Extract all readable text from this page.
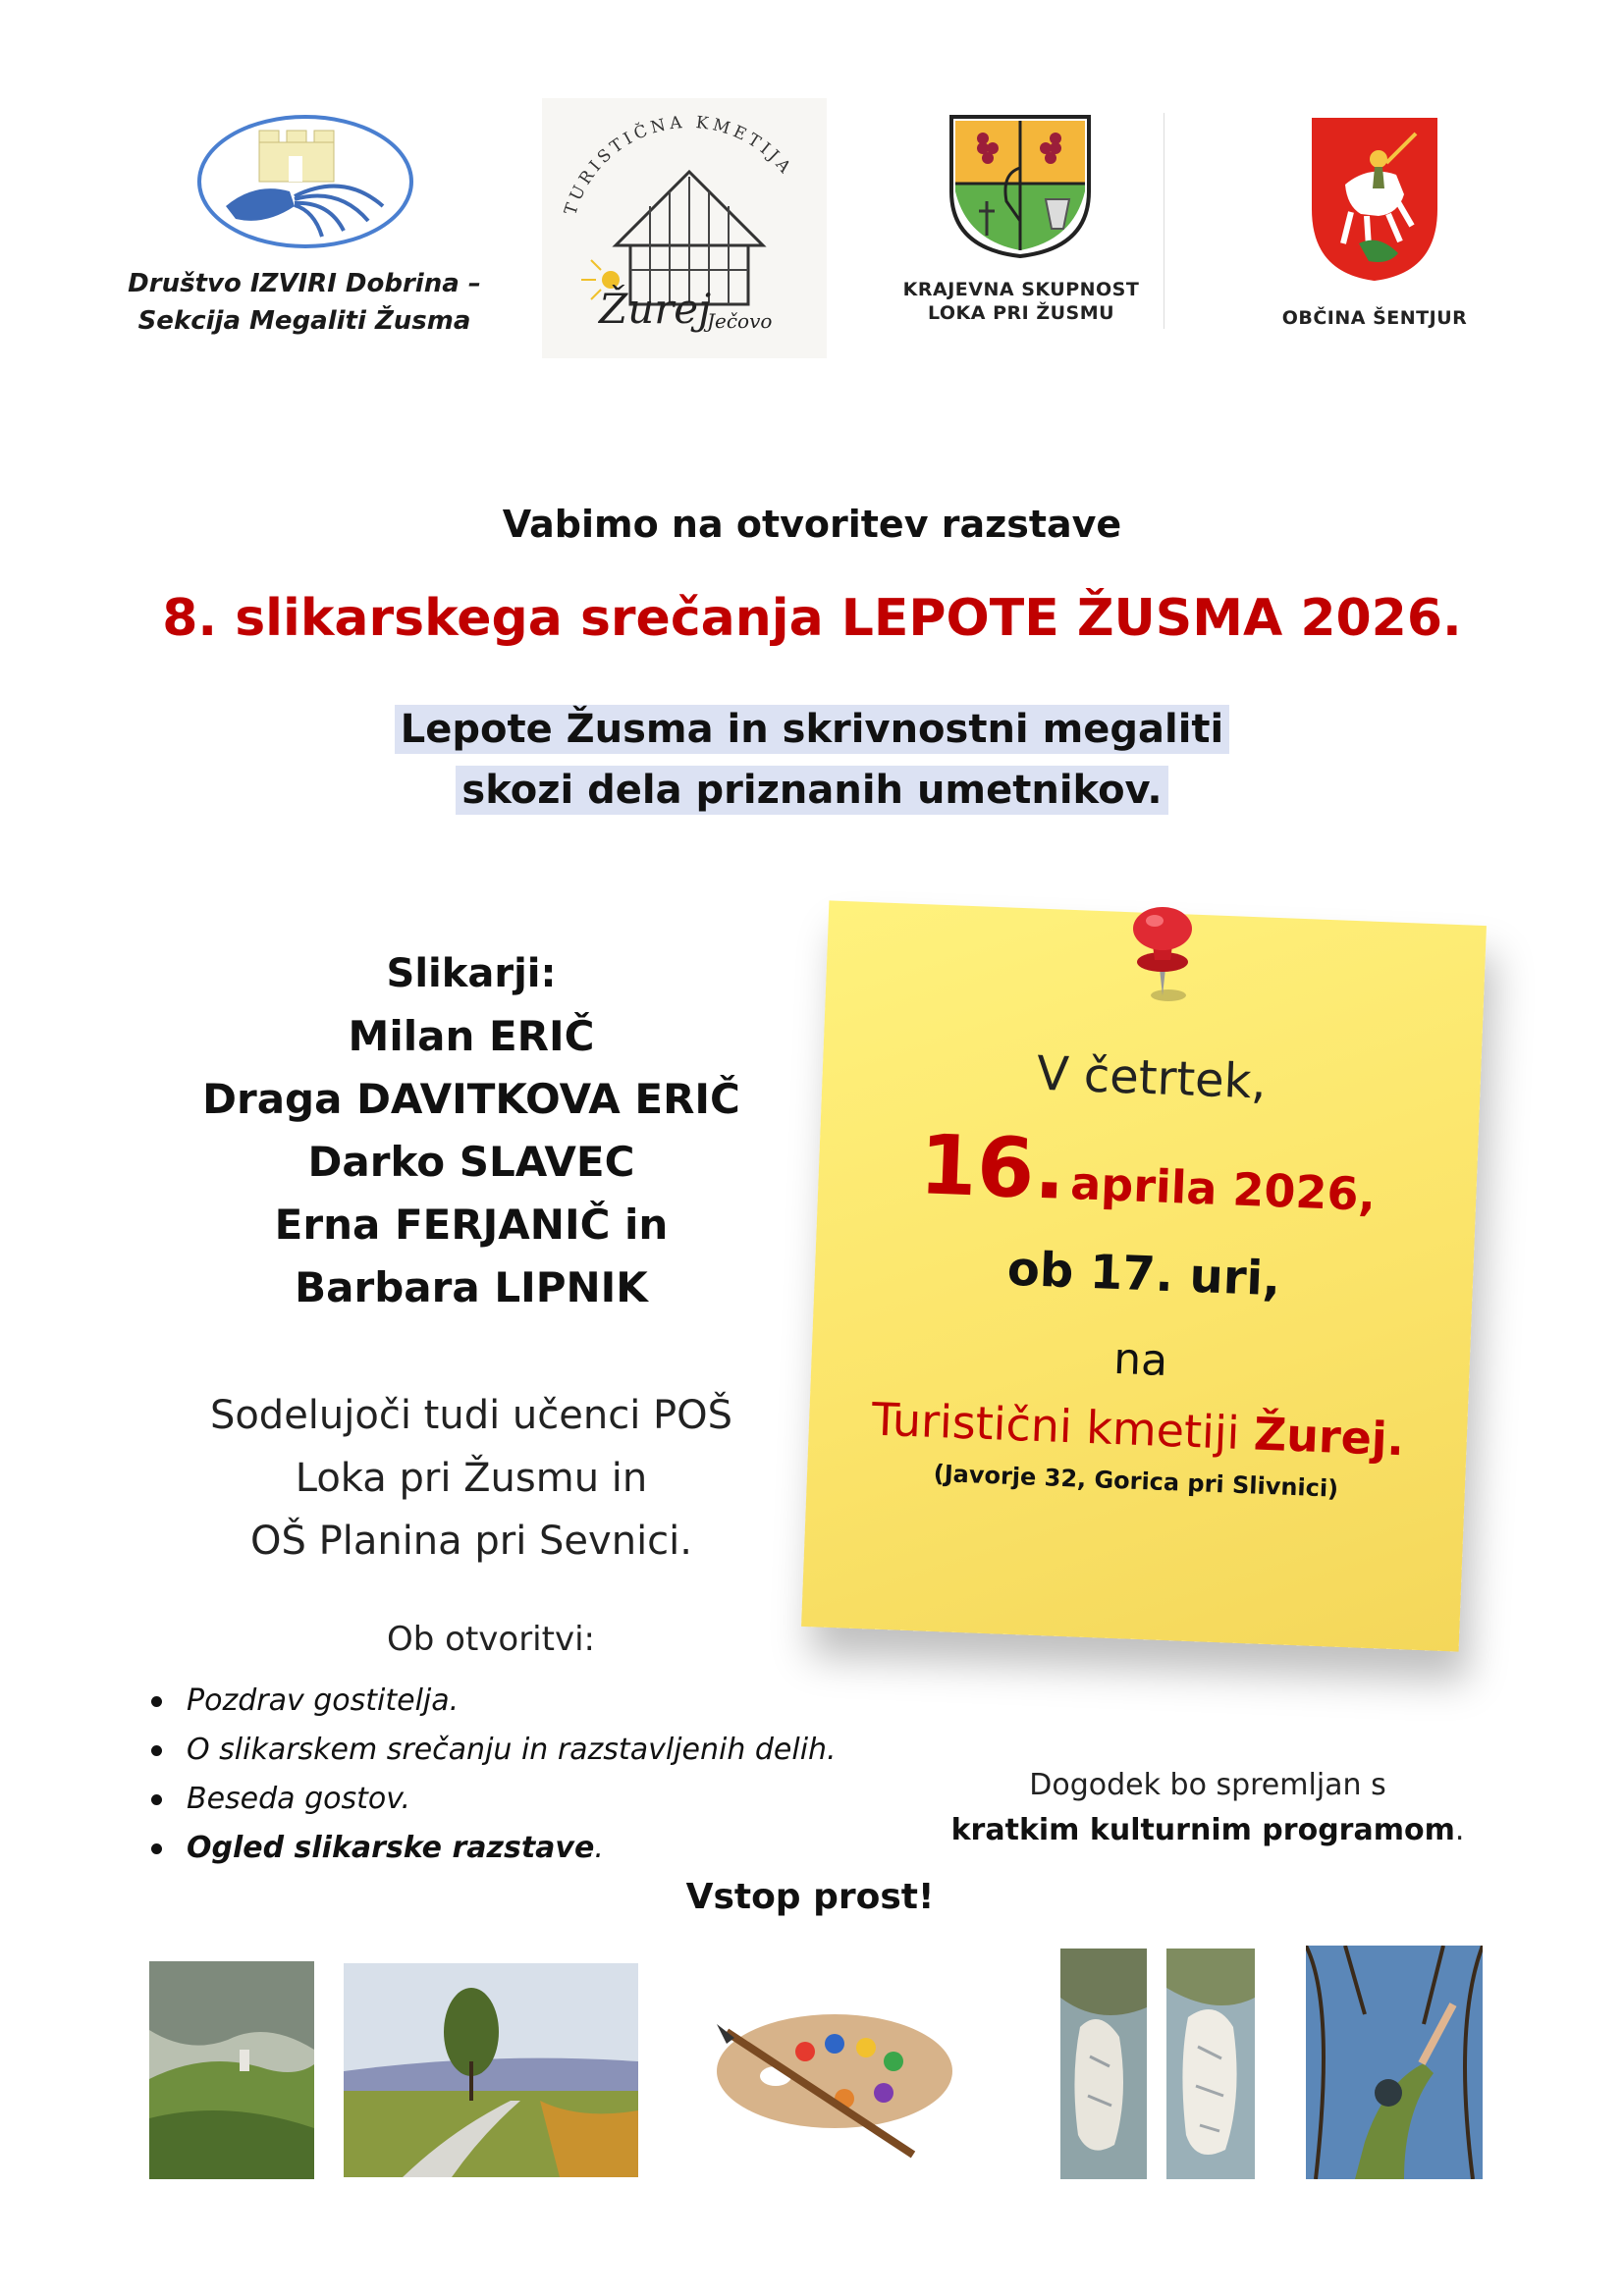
Društvo IZVIRI Dobrina –
Sekcija Megaliti Žusma
TURISTIČNA KMETIJA
Žurej
Ječovo
KRAJEVNA SKUPNOST
LOKA PRI ŽUSMU	OBČINA ŠENTJUR
Vabimo na otvoritev razstave
8. slikarskega srečanja LEPOTE ŽUSMA 2026.
Lepote Žusma in skrivnostni megaliti
skozi dela priznanih umetnikov.
Slikarji:
Milan ERIČ
Draga DAVITKOVA ERIČ
Darko SLAVEC
Erna FERJANIČ in
Barbara LIPNIK
Sodelujoči tudi učenci POŠ
Loka pri Žusmu in
OŠ Planina pri Sevnici.
Ob otvoritvi:
Pozdrav gostitelja.
O slikarskem srečanju in razstavljenih delih.
Beseda gostov.
Ogled slikarske razstave.
V četrtek,
16. aprila 2026,
ob 17. uri,
na
Turistični kmetiji Žurej.
(Javorje 32, Gorica pri Slivnici)
Dogodek bo spremljan s
kratkim kulturnim programom.
Vstop prost!
